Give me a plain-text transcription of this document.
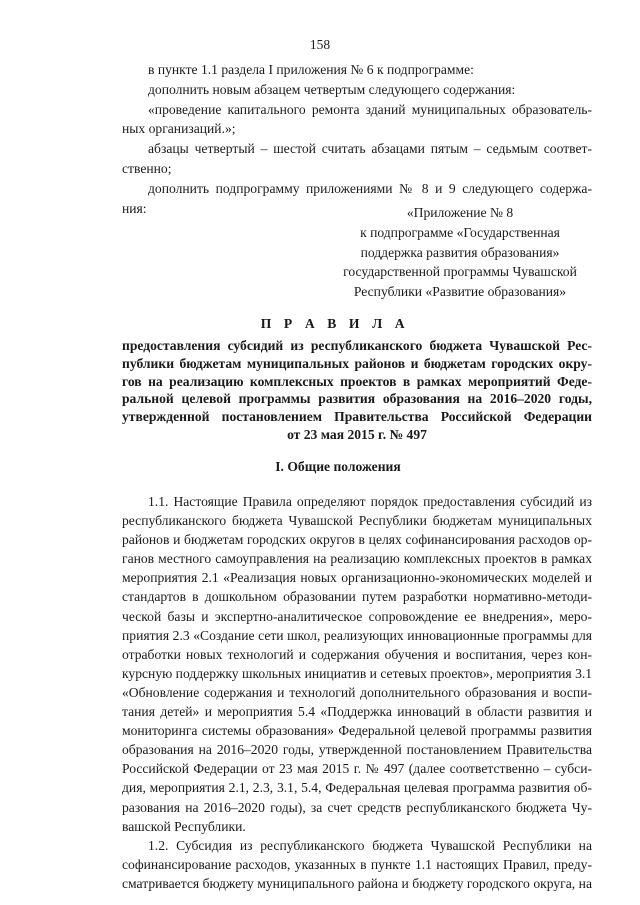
158
в пункте 1.1 раздела I приложения № 6 к подпрограмме:
дополнить новым абзацем четвертым следующего содержания:
«проведение капитального ремонта зданий муниципальных образователь-
ных организаций.»;
абзацы четвертый – шестой считать абзацами пятым – седьмым соответ-
ственно;
дополнить подпрограмму приложениями № 8 и 9 следующего содержа-
ния:	«Приложение № 8
к подпрограмме «Государственная
поддержка развития образования»
государственной программы Чувашской
Республики «Развитие образования»
П Р А В И Л А
предоставления субсидий из республиканского бюджета Чувашской Рес-
публики бюджетам муниципальных районов и бюджетам городских окру-
гов на реализацию комплексных проектов в рамках мероприятий Феде-
ральной целевой программы развития образования на 2016–2020 годы,
утвержденной постановлением Правительства Российской Федерации
от 23 мая 2015 г. № 497
I. Общие положения
1.1. Настоящие Правила определяют порядок предоставления субсидий из
республиканского бюджета Чувашской Республики бюджетам муниципальных
районов и бюджетам городских округов в целях софинансирования расходов ор-
ганов местного самоуправления на реализацию комплексных проектов в рамках
мероприятия 2.1 «Реализация новых организационно-экономических моделей и
стандартов в дошкольном образовании путем разработки нормативно-методи-
ческой базы и экспертно-аналитическое сопровождение ее внедрения», меро-
приятия 2.3 «Создание сети школ, реализующих инновационные программы для
отработки новых технологий и содержания обучения и воспитания, через кон-
курсную поддержку школьных инициатив и сетевых проектов», мероприятия 3.1
«Обновление содержания и технологий дополнительного образования и воспи-
тания детей» и мероприятия 5.4 «Поддержка инноваций в области развития и
мониторинга системы образования» Федеральной целевой программы развития
образования на 2016–2020 годы, утвержденной постановлением Правительства
Российской Федерации от 23 мая 2015 г. № 497 (далее соответственно – субси-
дия, мероприятия 2.1, 2.3, 3.1, 5.4, Федеральная целевая программа развития об-
разования на 2016–2020 годы), за счет средств республиканского бюджета Чу-
вашской Республики.
1.2. Субсидия из республиканского бюджета Чувашской Республики на
софинансирование расходов, указанных в пункте 1.1 настоящих Правил, преду-
сматривается бюджету муниципального района и бюджету городского округа, на
